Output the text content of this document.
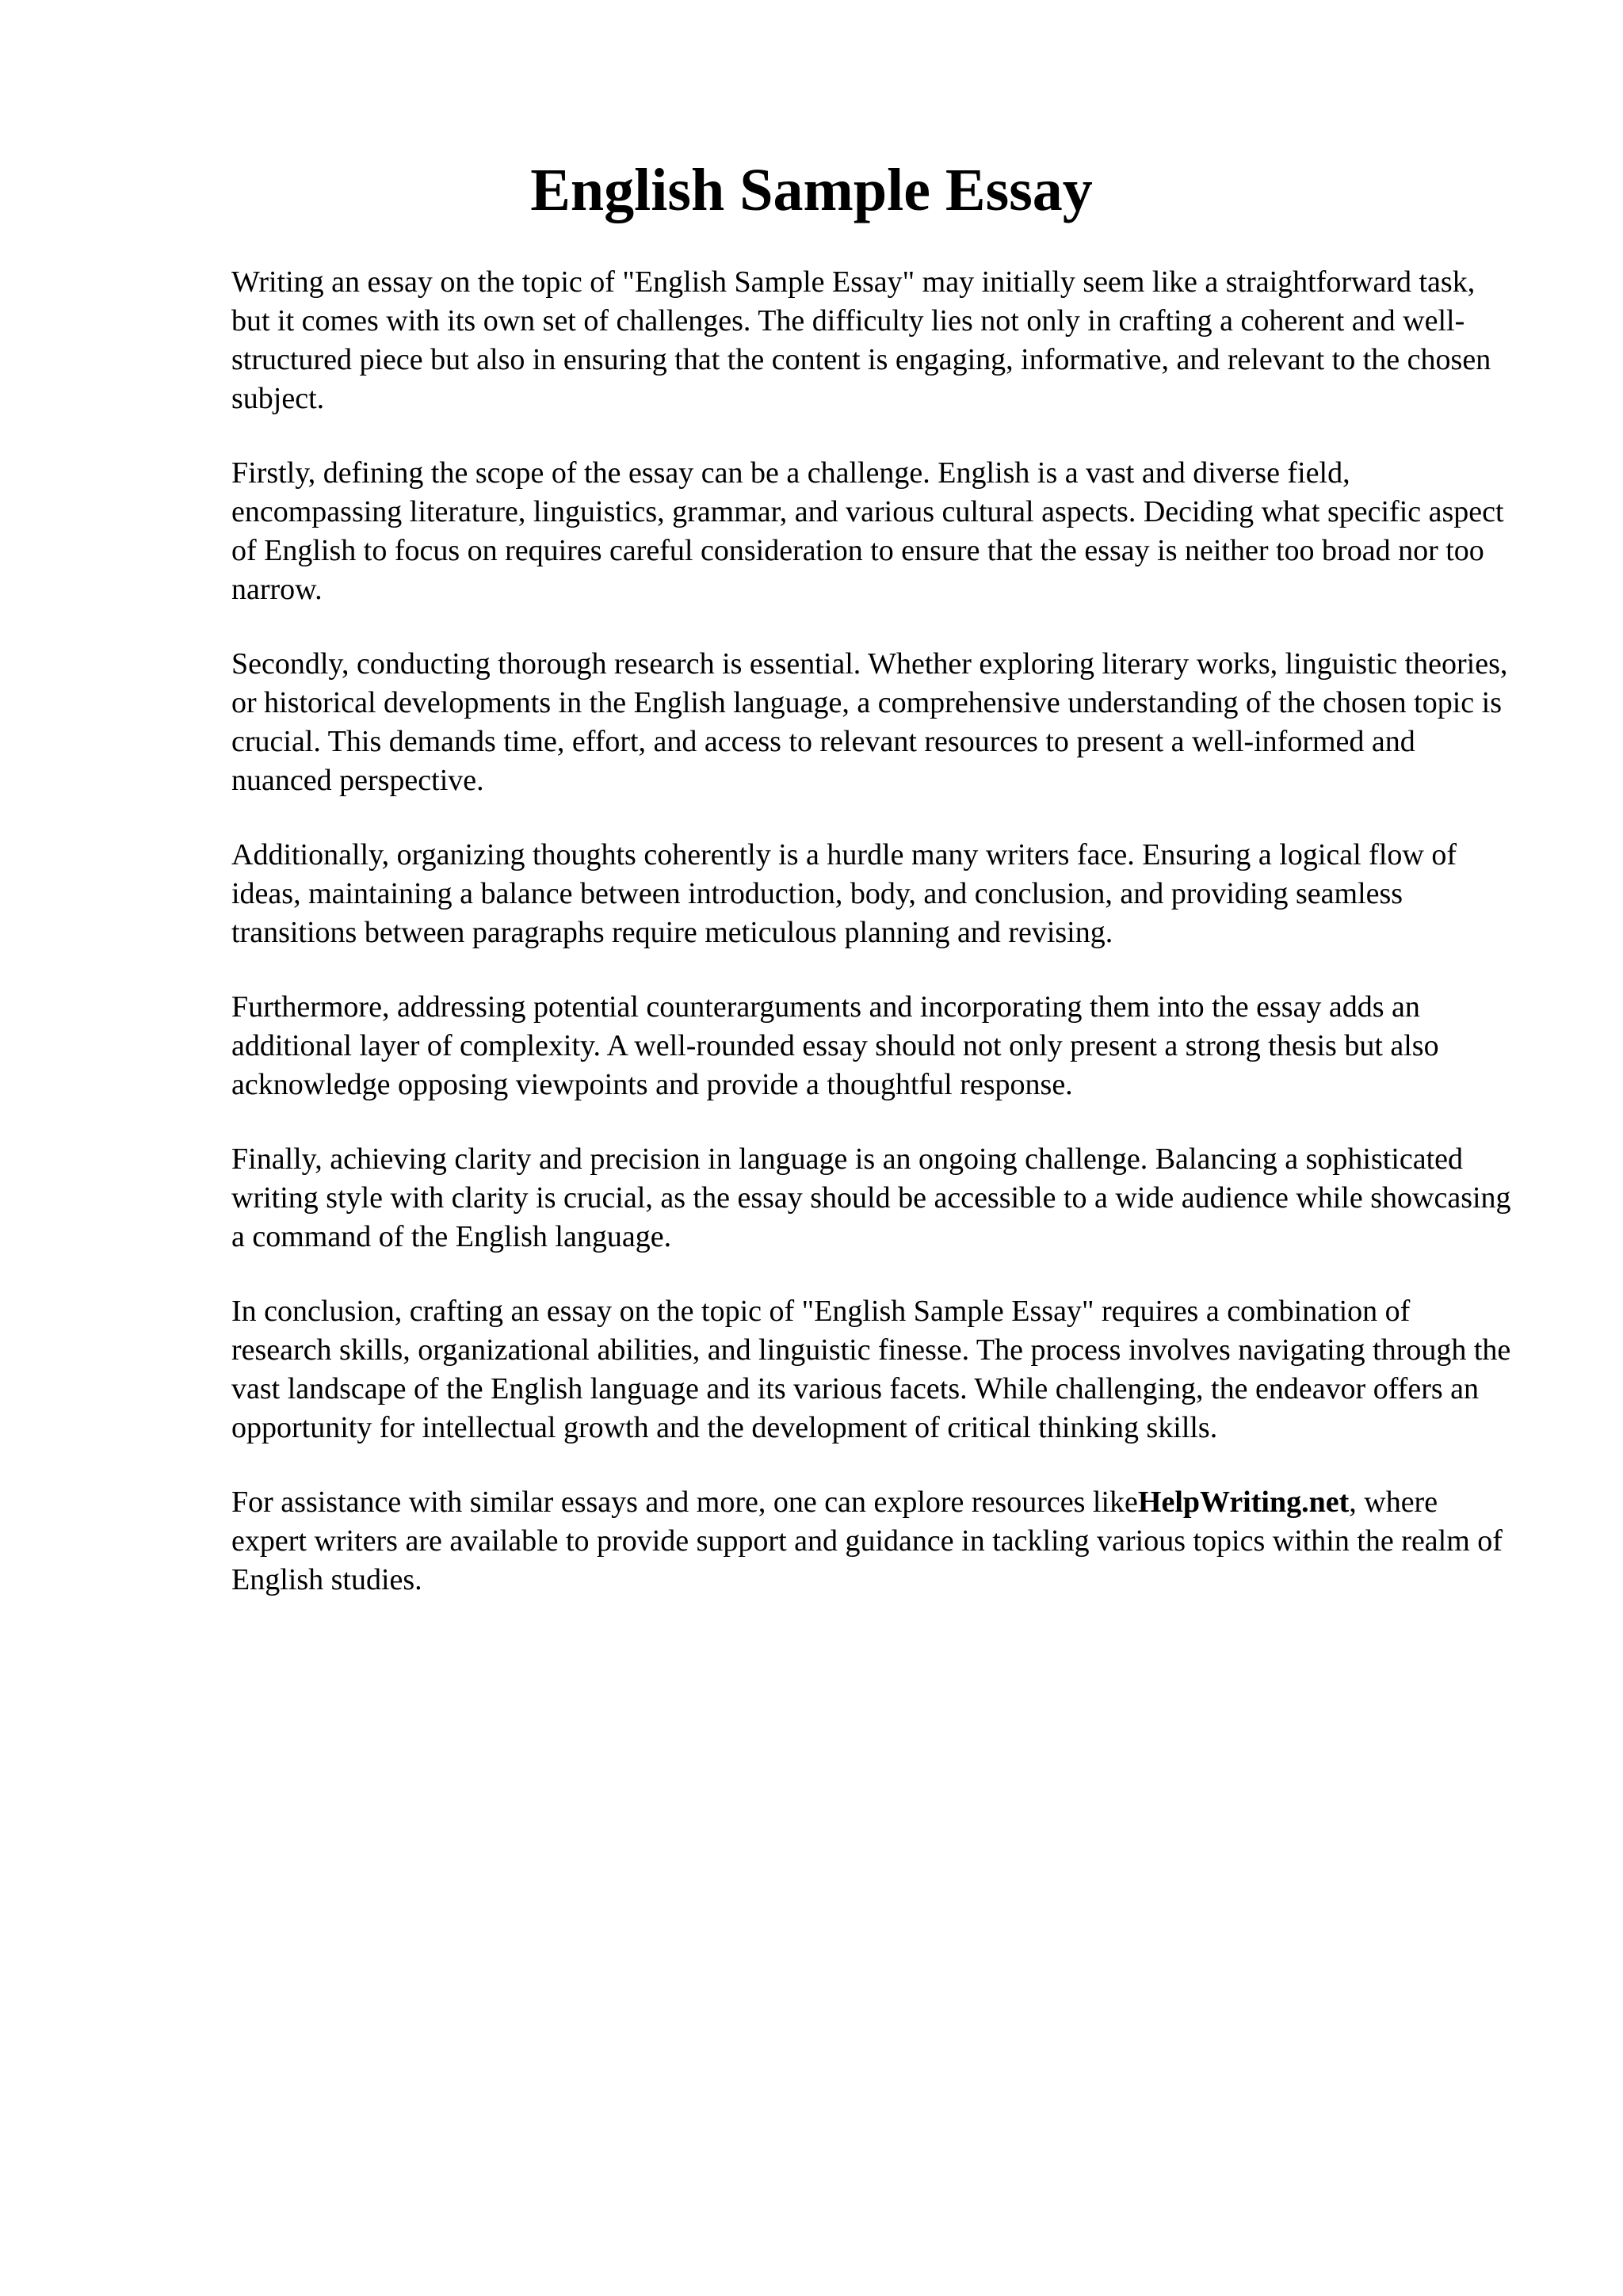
English Sample Essay

Writing an essay on the topic of "English Sample Essay" may initially seem like a straightforward task, but it comes with its own set of challenges. The difficulty lies not only in crafting a coherent and well-structured piece but also in ensuring that the content is engaging, informative, and relevant to the chosen subject.

Firstly, defining the scope of the essay can be a challenge. English is a vast and diverse field, encompassing literature, linguistics, grammar, and various cultural aspects. Deciding what specific aspect of English to focus on requires careful consideration to ensure that the essay is neither too broad nor too narrow.

Secondly, conducting thorough research is essential. Whether exploring literary works, linguistic theories, or historical developments in the English language, a comprehensive understanding of the chosen topic is crucial. This demands time, effort, and access to relevant resources to present a well-informed and nuanced perspective.

Additionally, organizing thoughts coherently is a hurdle many writers face. Ensuring a logical flow of ideas, maintaining a balance between introduction, body, and conclusion, and providing seamless transitions between paragraphs require meticulous planning and revising.

Furthermore, addressing potential counterarguments and incorporating them into the essay adds an additional layer of complexity. A well-rounded essay should not only present a strong thesis but also acknowledge opposing viewpoints and provide a thoughtful response.

Finally, achieving clarity and precision in language is an ongoing challenge. Balancing a sophisticated writing style with clarity is crucial, as the essay should be accessible to a wide audience while showcasing a command of the English language.

In conclusion, crafting an essay on the topic of "English Sample Essay" requires a combination of research skills, organizational abilities, and linguistic finesse. The process involves navigating through the vast landscape of the English language and its various facets. While challenging, the endeavor offers an opportunity for intellectual growth and the development of critical thinking skills.

For assistance with similar essays and more, one can explore resources likeHelpWriting.net, where expert writers are available to provide support and guidance in tackling various topics within the realm of English studies.
